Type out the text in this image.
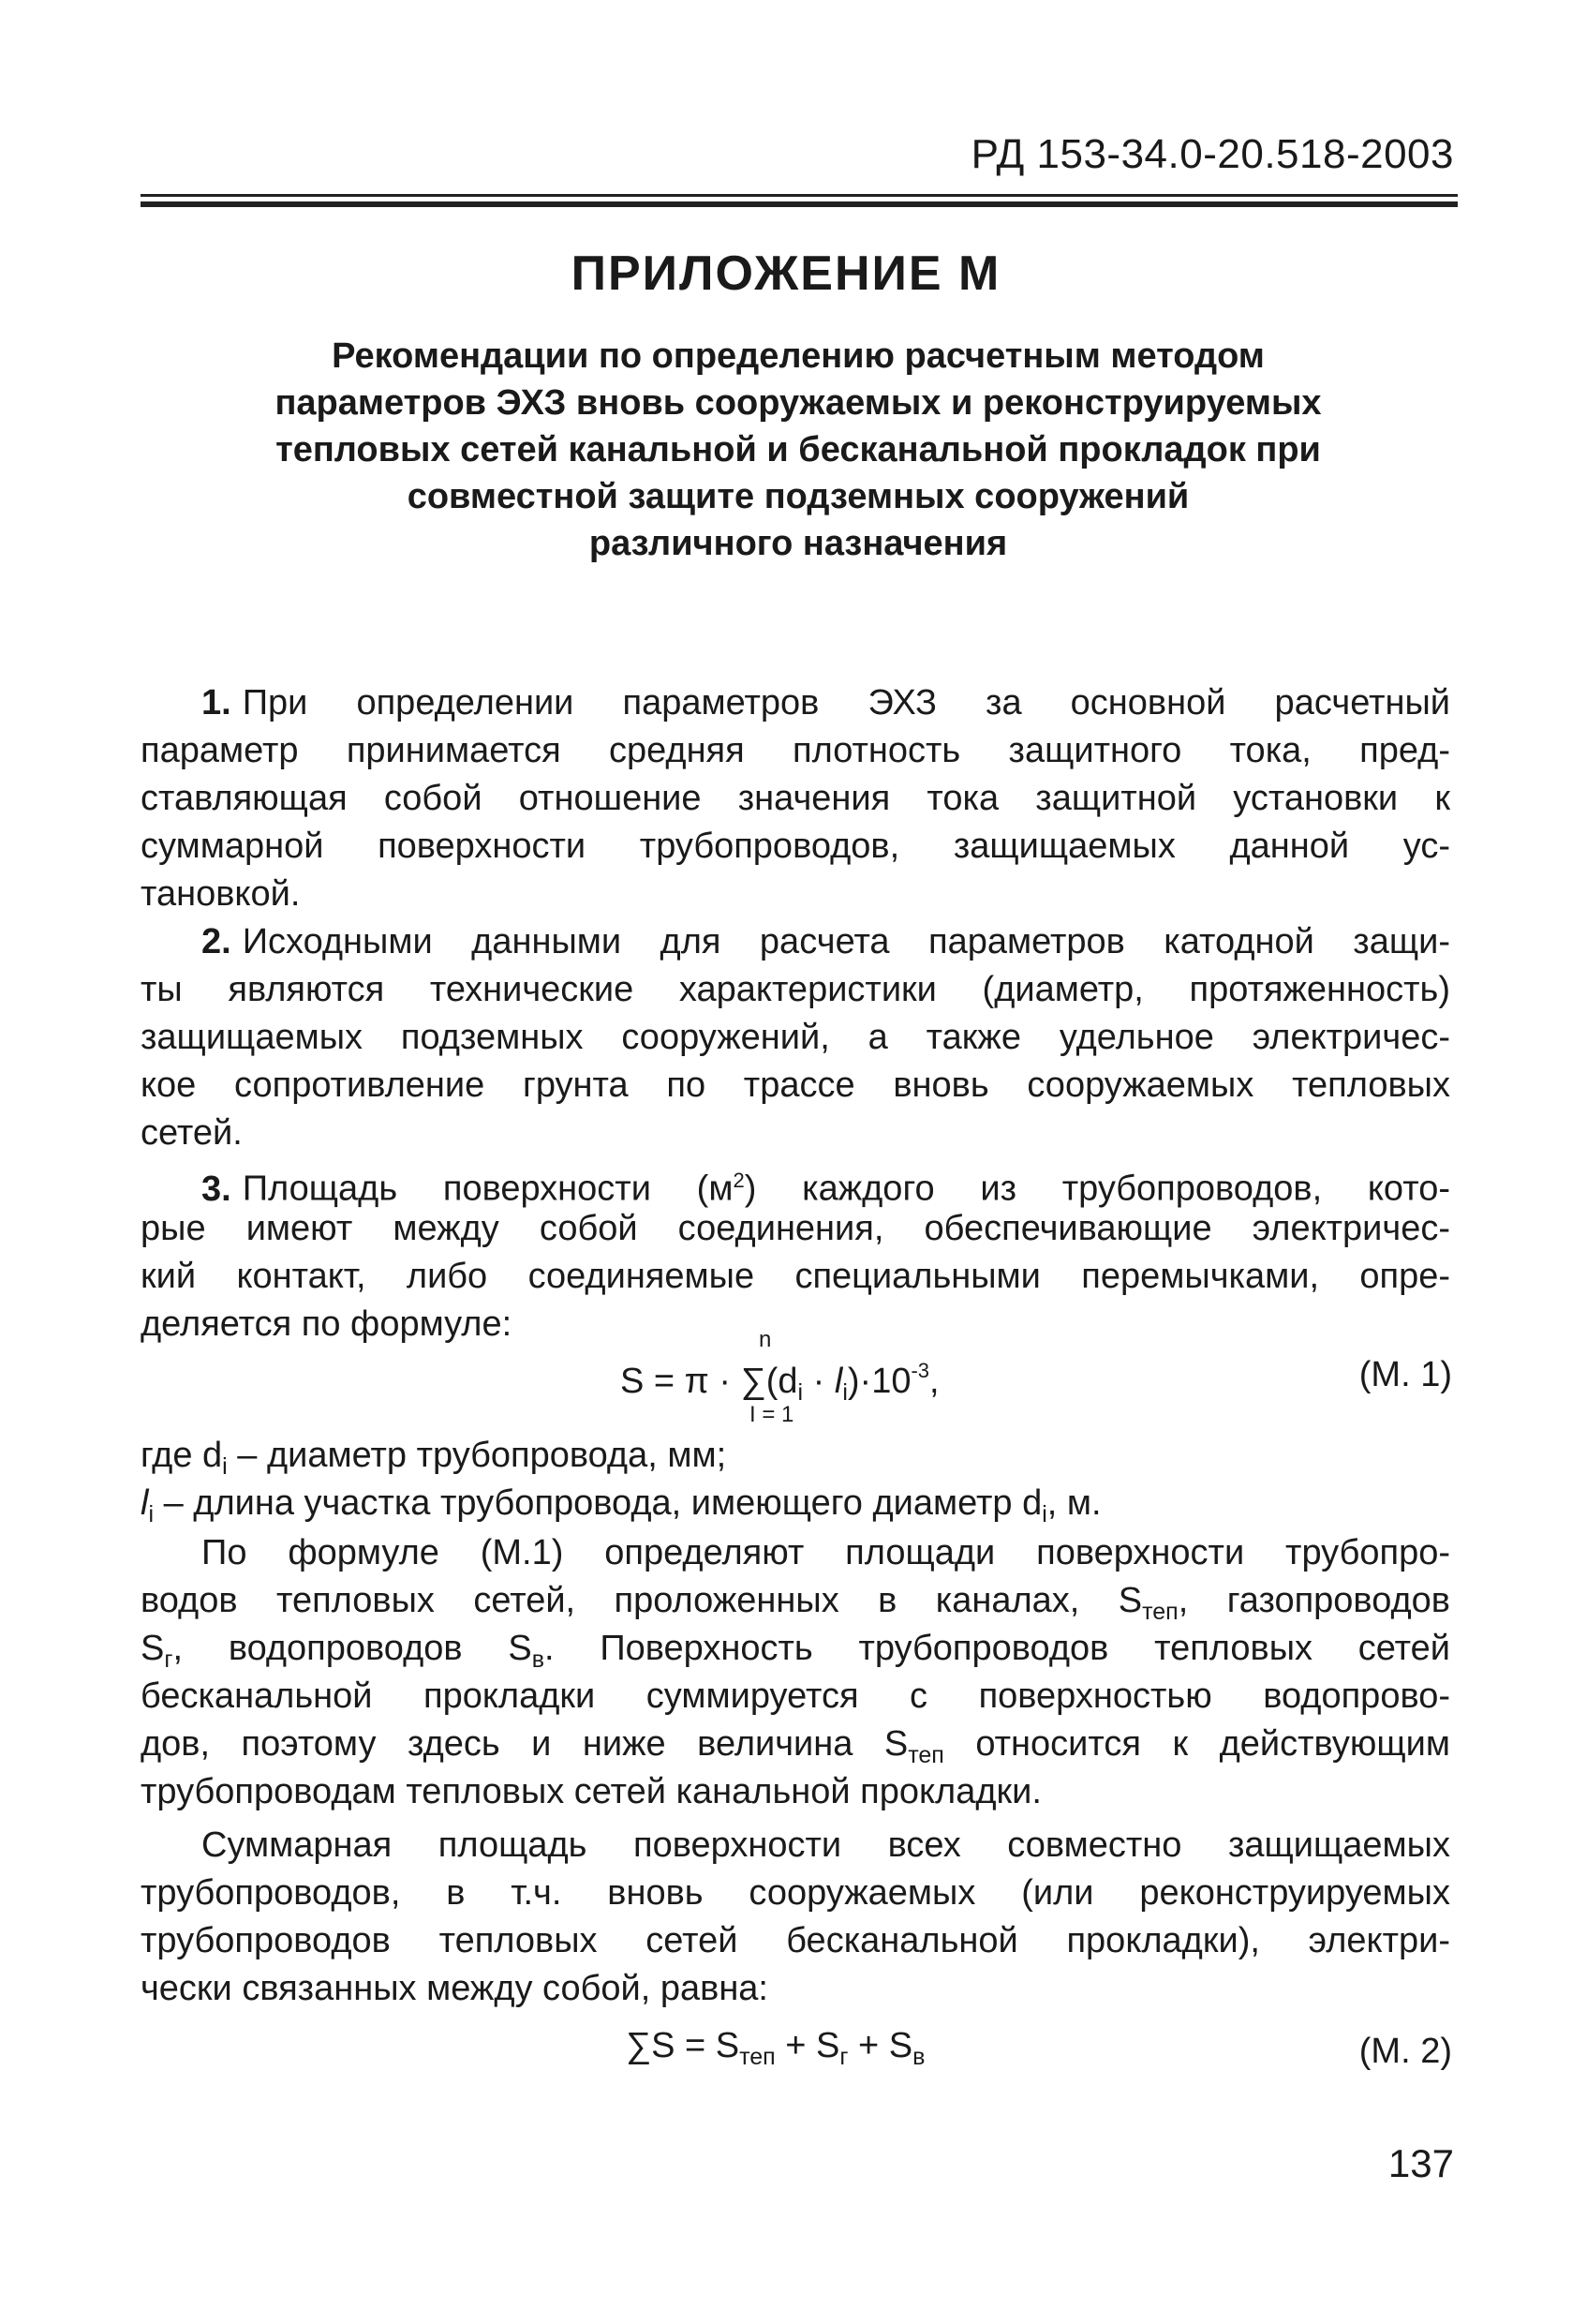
РД 153-34.0-20.518-2003
ПРИЛОЖЕНИЕ М
Рекомендации по определению расчетным методом
параметров ЭХЗ вновь сооружаемых и реконструируемых
тепловых сетей канальной и бесканальной прокладок при
совместной защите подземных сооружений
различного назначения
1. При определении параметров ЭХЗ за основной расчетный
параметр принимается средняя плотность защитного тока, пред-
ставляющая собой отношение значения тока защитной установки к
суммарной поверхности трубопроводов, защищаемых данной ус-
тановкой.
2. Исходными данными для расчета параметров катодной защи-
ты являются технические характеристики (диаметр, протяженность)
защищаемых подземных сооружений, а также удельное электричес-
кое сопротивление грунта по трассе вновь сооружаемых тепловых
сетей.
3. Площадь поверхности $(м^2)$ каждого из трубопроводов, кото-
рые имеют между собой соединения, обеспечивающие электричес-
кий контакт, либо соединяемые специальными перемычками, опре-
деляется по формуле:	n
$S = \pi \cdot \sum(d_i \cdot l_i)\cdot 10^{-3}$,
I = 1
(М. 1)
где $d_i$ – диаметр трубопровода, мм;
$l_i$ – длина участка трубопровода, имеющего диаметр $d_i$, м.
По формуле (М.1) определяют площади поверхности трубопро-
водов тепловых сетей, проложенных в каналах, $S_{теп}$, газопроводов
$S_г$, водопроводов $S_в$. Поверхность трубопроводов тепловых сетей
бесканальной прокладки суммируется с поверхностью водопрово-
дов, поэтому здесь и ниже величина $S_{теп}$ относится к действующим
трубопроводам тепловых сетей канальной прокладки.
Суммарная площадь поверхности всех совместно защищаемых
трубопроводов, в т.ч. вновь сооружаемых (или реконструируемых
трубопроводов тепловых сетей бесканальной прокладки), электри-
чески связанных между собой, равна:
$\sum S = S_{теп} + S_г + S_в$	(М. 2)
137
